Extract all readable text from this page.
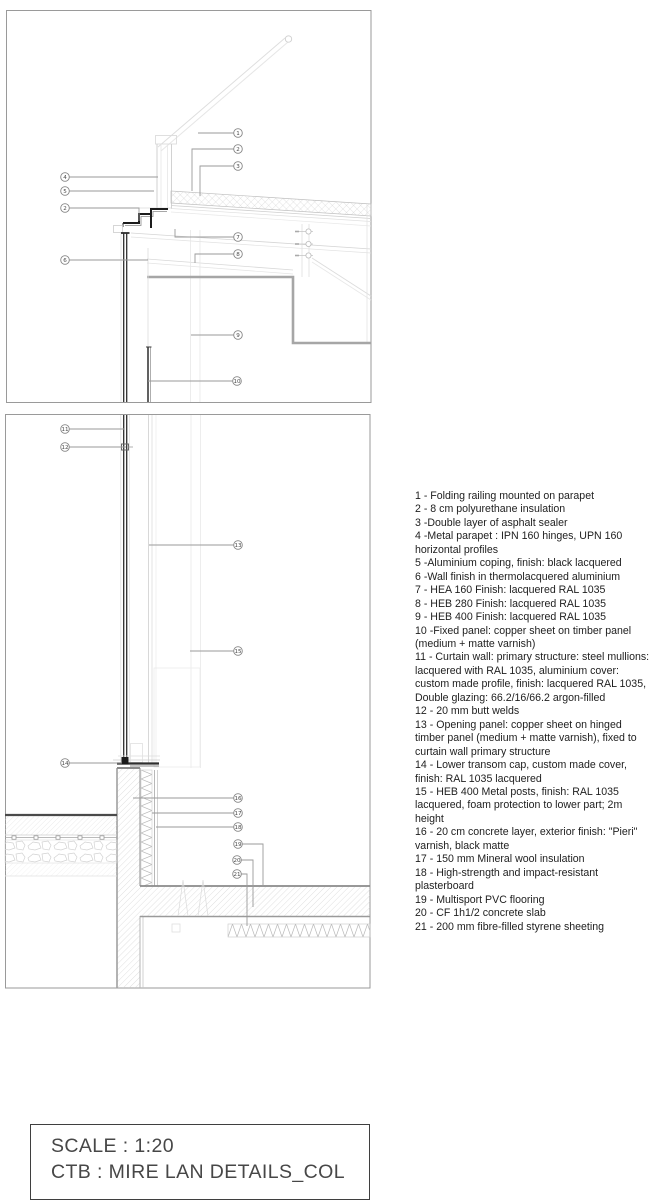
1
2
3
4
5
2
6
7
8
9
10
11
12
13
15
14
16
17
18
19
20
21
1 - Folding railing mounted on parapet
2 - 8 cm polyurethane insulation
3 -Double layer of asphalt sealer
4 -Metal parapet : IPN 160 hinges, UPN 160 horizontal profiles
5 -Aluminium coping, finish: black lacquered
6 -Wall finish in thermolacquered aluminium
7 - HEA 160 Finish: lacquered RAL 1035
8 - HEB 280 Finish: lacquered RAL 1035
9 - HEB 400 Finish: lacquered RAL 1035
10 -Fixed panel: copper sheet on timber panel (medium + matte varnish)
11 - Curtain wall: primary structure: steel mullions: lacquered with RAL 1035, aluminium cover: custom made profile, finish: lacquered RAL 1035, Double glazing: 66.2/16/66.2 argon-filled
12 - 20 mm butt welds
13 - Opening panel: copper sheet on hinged timber panel (medium + matte varnish), fixed to curtain wall primary structure
14 - Lower transom cap, custom made cover, finish: RAL 1035 lacquered
15 - HEB 400 Metal posts, finish: RAL 1035 lacquered, foam protection to lower part; 2m height
16 - 20 cm concrete layer, exterior finish: "Pieri" varnish, black matte
17 - 150 mm Mineral wool insulation
18 - High-strength and impact-resistant plasterboard
19 - Multisport PVC flooring
20 - CF 1h1/2 concrete slab
21 - 200 mm fibre-filled styrene sheeting
SCALE : 1:20
CTB : MIRE LAN DETAILS_COL
